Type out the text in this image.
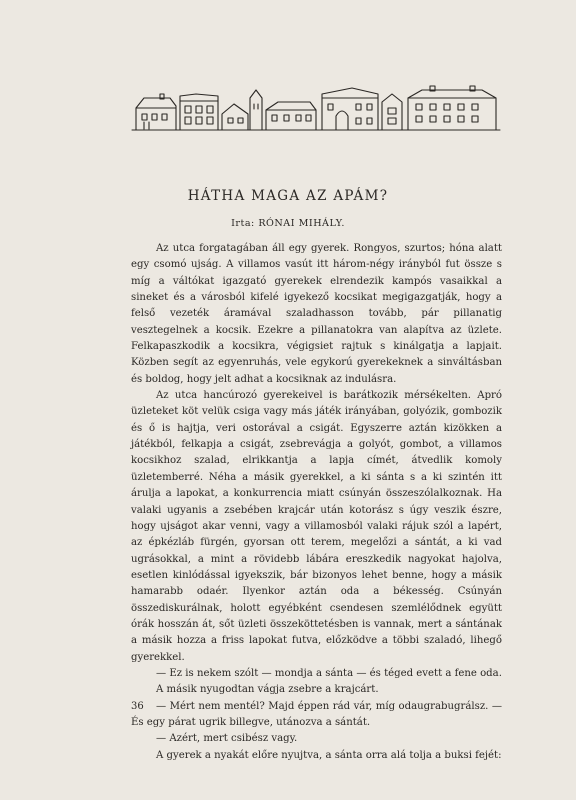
HÁTHA MAGA AZ APÁM?
Irta: RÓNAI MIHÁLY.

Az utca forgatagában áll egy gyerek. Rongyos, szurtos; hóna alatt egy csomó ujság. A villamos vasút itt három-négy irányból fut össze s míg a váltókat igazgató gyerekek elrendezik kampós vasaikkal a sineket és a városból kifelé igyekező kocsikat megigazgatják, hogy a felső vezeték áramával szaladhasson tovább, pár pillanatig vesztegelnek a kocsik. Ezekre a pillanatokra van alapítva az üzlete. Felkapaszkodik a kocsikra, végigsiet rajtuk s kinálgatja a lapjait. Közben segít az egyenruhás, vele egykorú gyerekeknek a sinváltásban és boldog, hogy jelt adhat a kocsiknak az indulásra.

Az utca hancúrozó gyerekeivel is barátkozik mérsékelten. Apró üzleteket köt velük csiga vagy más játék irányában, golyózik, gombozik és ő is hajtja, veri ostorával a csigát. Egyszerre aztán kizökken a játékból, felkapja a csigát, zsebrevágja a golyót, gombot, a villamos kocsikhoz szalad, elrikkantja a lapja címét, átvedlik komoly üzletemberré. Néha a másik gyerekkel, a ki sánta s a ki szintén itt árulja a lapokat, a konkurrencia miatt csúnyán összeszólalkoznak. Ha valaki ugyanis a zsebében krajcár után kotorász s úgy veszik észre, hogy ujságot akar venni, vagy a villamosból valaki rájuk szól a lapért, az épkézláb fürgén, gyorsan ott terem, megelőzi a sántát, a ki vad ugrásokkal, a mint a rövidebb lábára ereszkedik nagyokat hajolva, esetlen kinlódással igyekszik, bár bizonyos lehet benne, hogy a másik hamarabb odaér. Ilyenkor aztán oda a békesség. Csúnyán összediskurálnak, holott egyébként csendesen szemlélődnek együtt órák hosszán át, sőt üzleti összeköttetésben is vannak, mert a sántának a másik hozza a friss lapokat futva, előzködve a többi szaladó, lihegő gyerekkel.

— Ez is nekem szólt — mondja a sánta — és téged evett a fene oda.

A másik nyugodtan vágja zsebre a krajcárt.

— Mért nem mentél? Majd éppen rád vár, míg odaugrabugrálsz. — És egy párat ugrik billegve, utánozva a sántát.

— Azért, mert csibész vagy.

A gyerek a nyakát előre nyujtva, a sánta orra alá tolja a buksi fejét:

36
